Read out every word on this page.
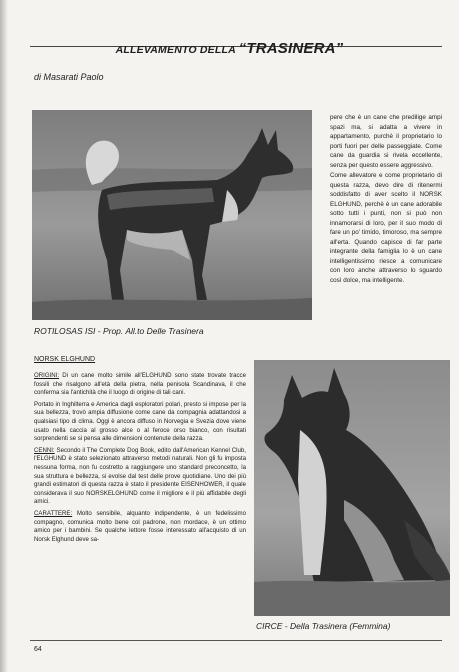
ALLEVAMENTO DELLA “TRASINERA”
di Masarati Paolo
ROTILOSAS ISI - Prop. All.to Delle Trasinera

pere che è un cane che predilige ampi spazi ma, si adatta a vivere in appartamento, purchè il proprietario lo porti fuori per delle passeggiate. Come cane da guardia si rivela eccellente, senza per questo essere aggressivo.

Come allevatore e come proprietario di questa razza, devo dire di ritenermi soddisfatto di aver scelto il NORSK ELGHUND, perchè è un cane adorabile sotto tutti i punti, non si può non innamorarsi di loro, per il suo modo di fare un po' timido, timoroso, ma sempre all'erta. Quando capisce di far parte integrante della famiglia lo è un cane intelligentissimo riesce a comunicare con loro anche attraverso lo sguardo così dolce, ma intelligente.

NORSK ELGHUND

ORIGINI: Di un cane molto simile all'ELGHUND sono state trovate tracce fossili che risalgono all'età della pietra, nella penisola Scandinava, il che conferma sia l'antichità che il luogo di origine di tali cani.

Portato in Inghilterra e America dagli esploratori polari, presto si impose per la sua bellezza, trovò ampia diffusione come cane da compagnia adattandosi a qualsiasi tipo di clima. Oggi è ancora diffuso in Norvegia e Svezia dove viene usato nella caccia al grosso alce o al feroce orso bianco, con risultati sorprendenti se si pensa alle dimensioni contenute della razza.

CENNI: Secondo il The Complete Dog Book, edito dall'American Kennel Club, l'ELGHUND è stato selezionato attraverso metodi naturali. Non gli fu imposta nessuna forma, non fu costretto a raggiungere uno standard preconcetto, la sua struttura e bellezza, si evolse dal test delle prove quotidiane. Uno dei più grandi estimatori di questa razza è stato il presidente EISENHOWER, il quale considerava il suo NORSKELGHUND come il migliore e il più affidabile degli amici.

CARATTERE: Molto sensibile, alquanto indipendente, è un fedelissimo compagno, comunica molto bene col padrone, non mordace, è un ottimo amico per i bambini. Se qualche lettore fosse interessato all'acquisto di un Norsk Elghund deve sa-

CIRCE - Della Trasinera (Femmina)
64
